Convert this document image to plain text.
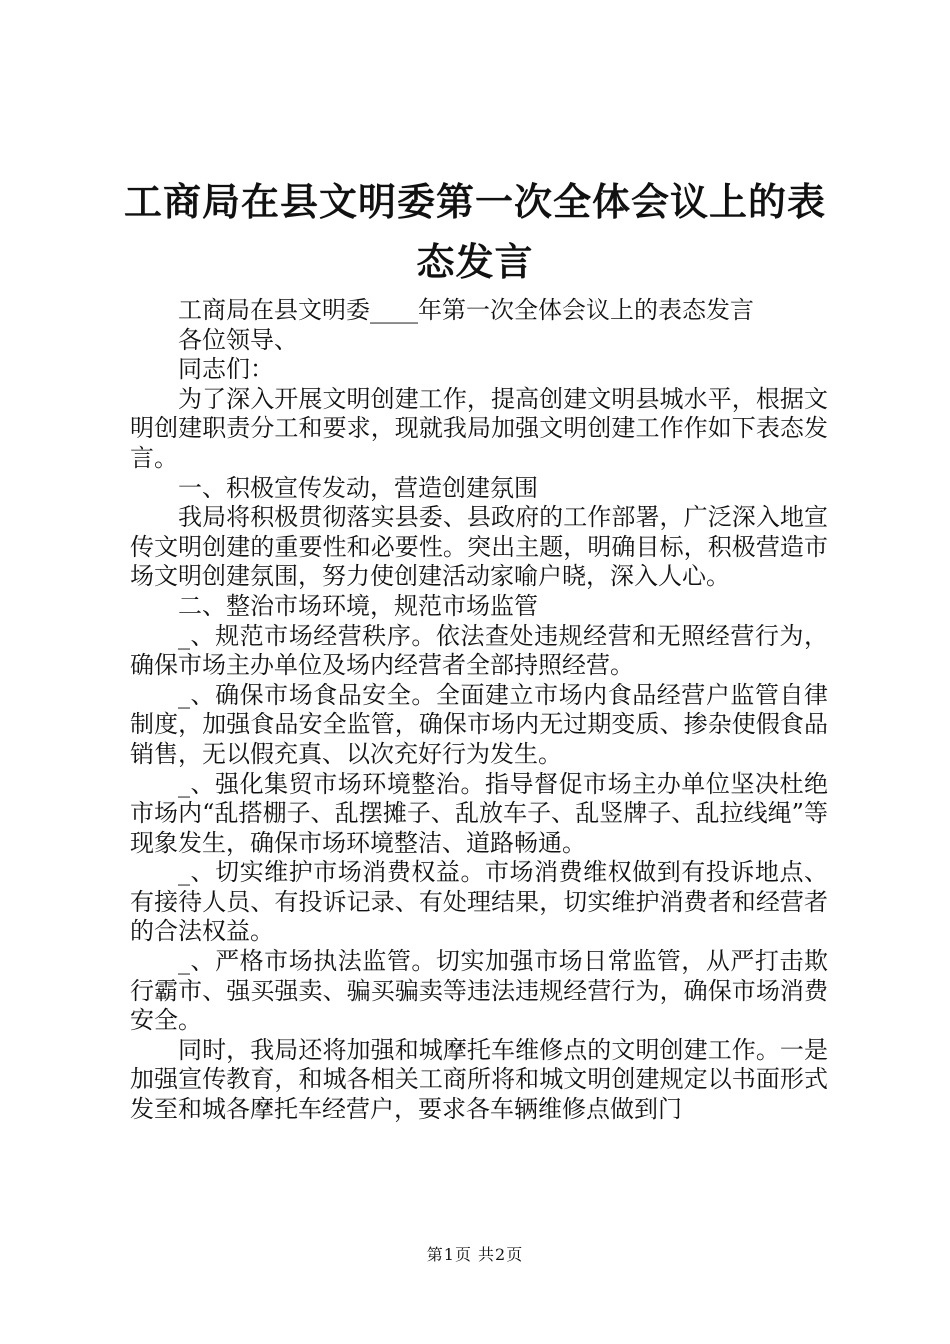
工商局在县文明委第一次全体会议上的表态发言

工商局在县文明委____年第一次全体会议上的表态发言

各位领导、

同志们：

为了深入开展文明创建工作，提高创建文明县城水平，根据文明创建职责分工和要求，现就我局加强文明创建工作作如下表态发言。

一、积极宣传发动，营造创建氛围

我局将积极贯彻落实县委、县政府的工作部署，广泛深入地宣传文明创建的重要性和必要性。突出主题，明确目标，积极营造市场文明创建氛围，努力使创建活动家喻户晓，深入人心。

二、整治市场环境，规范市场监管

_、规范市场经营秩序。依法查处违规经营和无照经营行为，确保市场主办单位及场内经营者全部持照经营。

_、确保市场食品安全。全面建立市场内食品经营户监管自律制度，加强食品安全监管，确保市场内无过期变质、掺杂使假食品销售，无以假充真、以次充好行为发生。

_、强化集贸市场环境整治。指导督促市场主办单位坚决杜绝市场内“乱搭棚子、乱摆摊子、乱放车子、乱竖牌子、乱拉线绳”等现象发生，确保市场环境整洁、道路畅通。

_、切实维护市场消费权益。市场消费维权做到有投诉地点、有接待人员、有投诉记录、有处理结果，切实维护消费者和经营者的合法权益。

_、严格市场执法监管。切实加强市场日常监管，从严打击欺行霸市、强买强卖、骗买骗卖等违法违规经营行为，确保市场消费安全。

同时，我局还将加强和城摩托车维修点的文明创建工作。一是加强宣传教育，和城各相关工商所将和城文明创建规定以书面形式发至和城各摩托车经营户，要求各车辆维修点做到门

第1页 共2页
